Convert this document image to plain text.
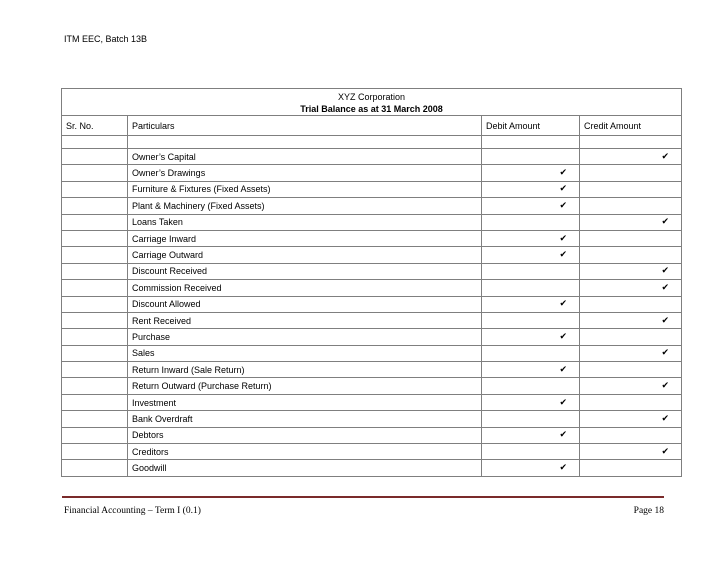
ITM EEC, Batch 13B
XYZ Corporation
Trial Balance as at 31 March 2008			

Sr. No.	Particulars	Debit Amount	Credit Amount

	Owner’s Capital		✔
	Owner’s Drawings	✔	
	Furniture & Fixtures (Fixed Assets)	✔	
	Plant & Machinery (Fixed Assets)	✔	
	Loans Taken		✔
	Carriage Inward	✔	
	Carriage Outward	✔	
	Discount Received		✔
	Commission Received		✔
	Discount Allowed	✔	
	Rent Received		✔
	Purchase	✔	
	Sales		✔
	Return Inward (Sale Return)	✔	
	Return Outward (Purchase Return)		✔
	Investment	✔	
	Bank Overdraft		✔
	Debtors	✔	
	Creditors		✔
	Goodwill	✔	
Financial Accounting – Term I (0.1)	Page 18
